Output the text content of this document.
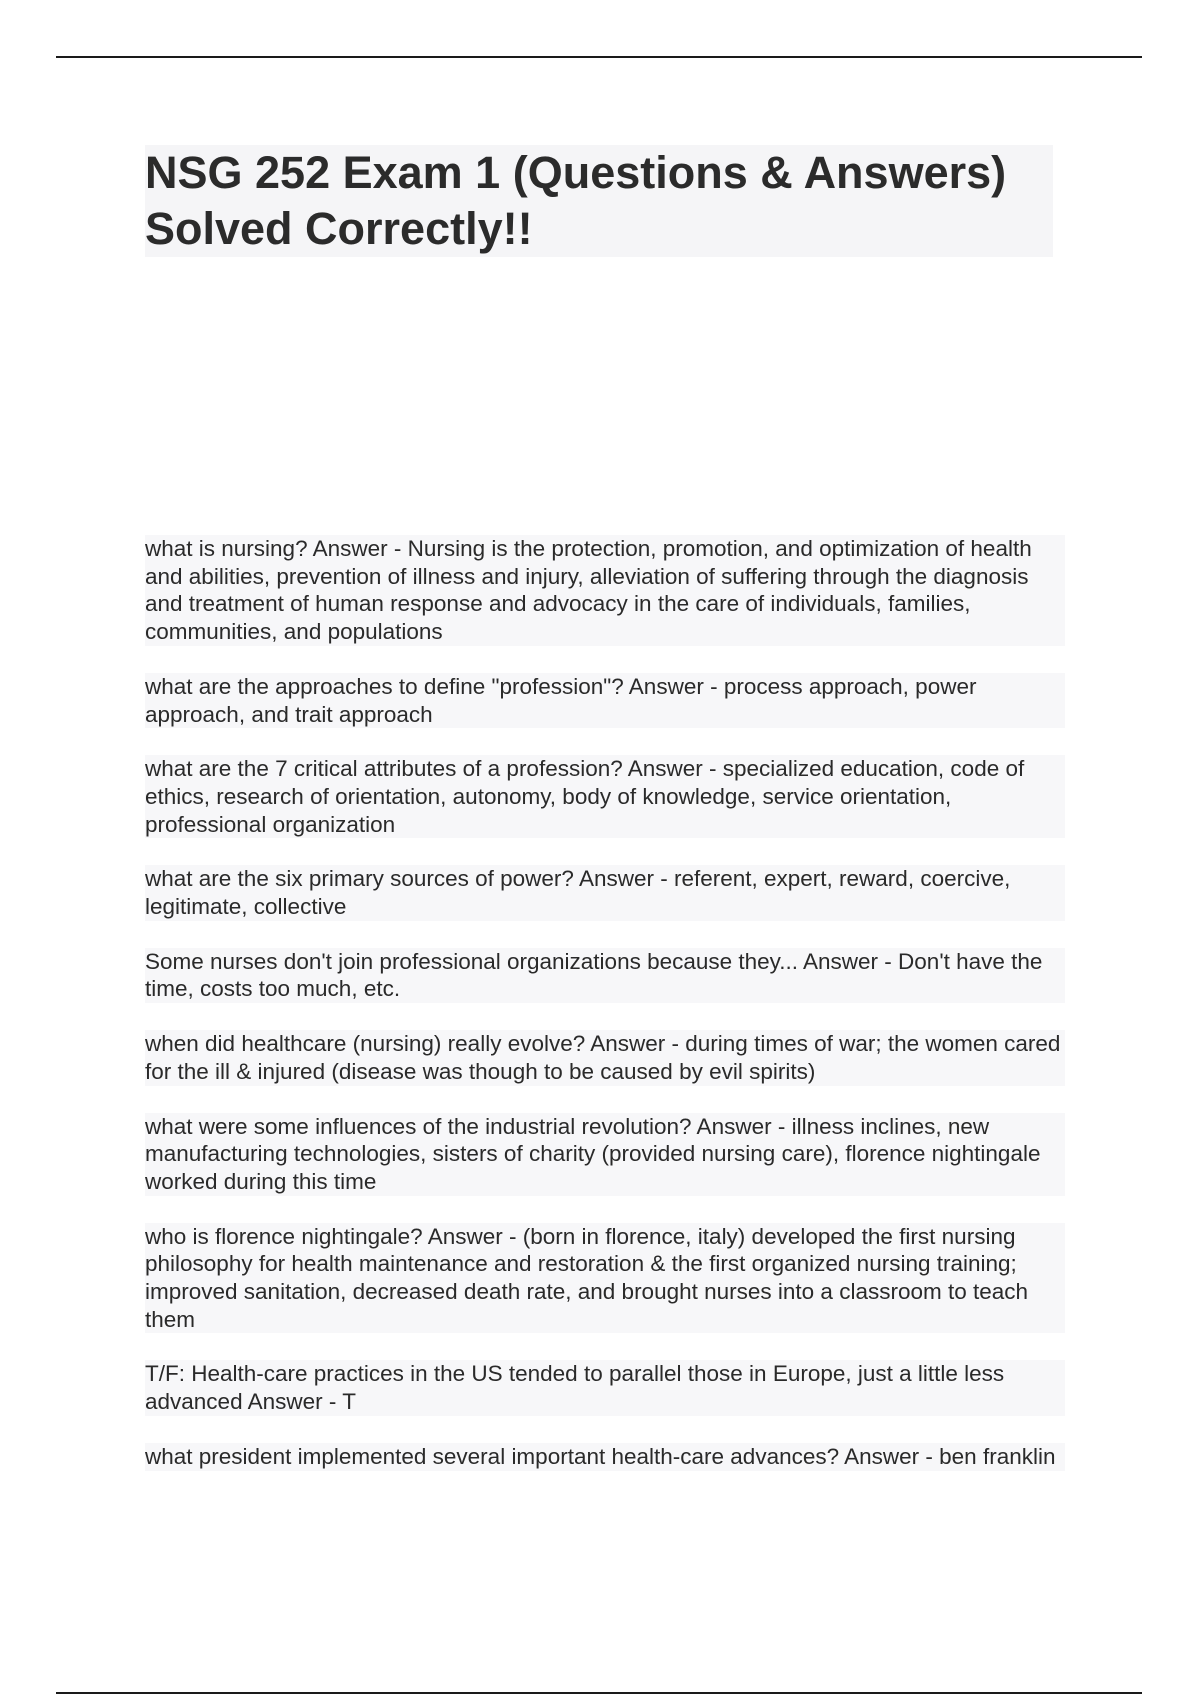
NSG 252 Exam 1 (Questions & Answers) Solved Correctly!!

what is nursing? Answer - Nursing is the protection, promotion, and optimization of health and abilities, prevention of illness and injury, alleviation of suffering through the diagnosis and treatment of human response and advocacy in the care of individuals, families, communities, and populations

what are the approaches to define "profession"? Answer - process approach, power approach, and trait approach

what are the 7 critical attributes of a profession? Answer - specialized education, code of ethics, research of orientation, autonomy, body of knowledge, service orientation, professional organization

what are the six primary sources of power? Answer - referent, expert, reward, coercive, legitimate, collective

Some nurses don't join professional organizations because they... Answer - Don't have the time, costs too much, etc.

when did healthcare (nursing) really evolve? Answer - during times of war; the women cared for the ill & injured (disease was though to be caused by evil spirits)

what were some influences of the industrial revolution? Answer - illness inclines, new manufacturing technologies, sisters of charity (provided nursing care), florence nightingale worked during this time

who is florence nightingale? Answer - (born in florence, italy) developed the first nursing philosophy for health maintenance and restoration & the first organized nursing training; improved sanitation, decreased death rate, and brought nurses into a classroom to teach them

T/F: Health-care practices in the US tended to parallel those in Europe, just a little less advanced Answer - T

what president implemented several important health-care advances? Answer - ben franklin
